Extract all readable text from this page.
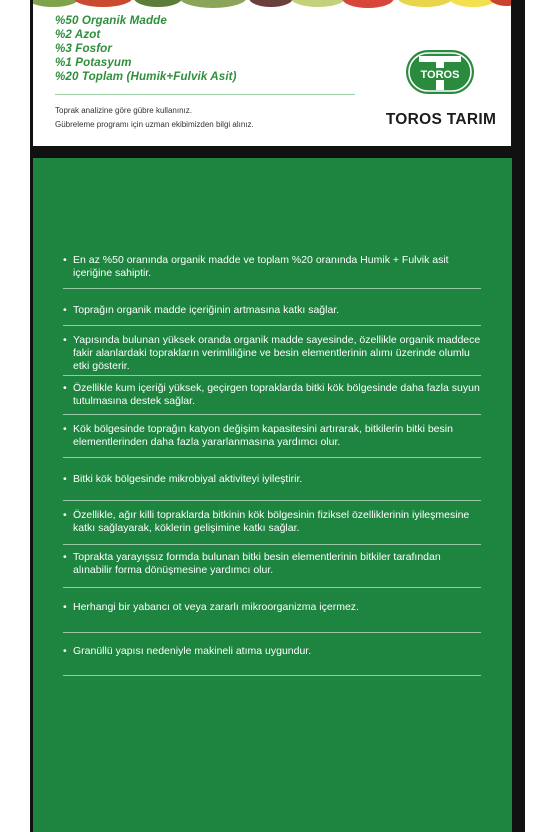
%50 Organik Madde
%2 Azot
%3 Fosfor
%1 Potasyum
%20 Toplam (Humik+Fulvik Asit)
Toprak analizine göre gübre kullanınız.
Gübreleme programı için uzman ekibimizden bilgi alınız.
TOROS
TOROS TARIM
• En az %50 oranında organik madde ve toplam %20 oranında Humik + Fulvik asit içeriğine sahiptir.
• Toprağın organik madde içeriğinin artmasına katkı sağlar.
• Yapısında bulunan yüksek oranda organik madde sayesinde, özellikle organik maddece fakir alanlardaki toprakların verimliliğine ve besin elementlerinin alımı üzerinde olumlu etki gösterir.
• Özellikle kum içeriği yüksek, geçirgen topraklarda bitki kök bölgesinde daha fazla suyun tutulmasına destek sağlar.
• Kök bölgesinde toprağın katyon değişim kapasitesini artırarak, bitkilerin bitki besin elementlerinden daha fazla yararlanmasına yardımcı olur.
• Bitki kök bölgesinde mikrobiyal aktiviteyi iyileştirir.
• Özellikle, ağır killi topraklarda bitkinin kök bölgesinin fiziksel özelliklerinin iyileşmesine katkı sağlayarak, köklerin gelişimine katkı sağlar.
• Toprakta yarayışsız formda bulunan bitki besin elementlerinin bitkiler tarafından alınabilir forma dönüşmesine yardımcı olur.
• Herhangi bir yabancı ot veya zararlı mikroorganizma içermez.
• Granüllü yapısı nedeniyle makineli atıma uygundur.
